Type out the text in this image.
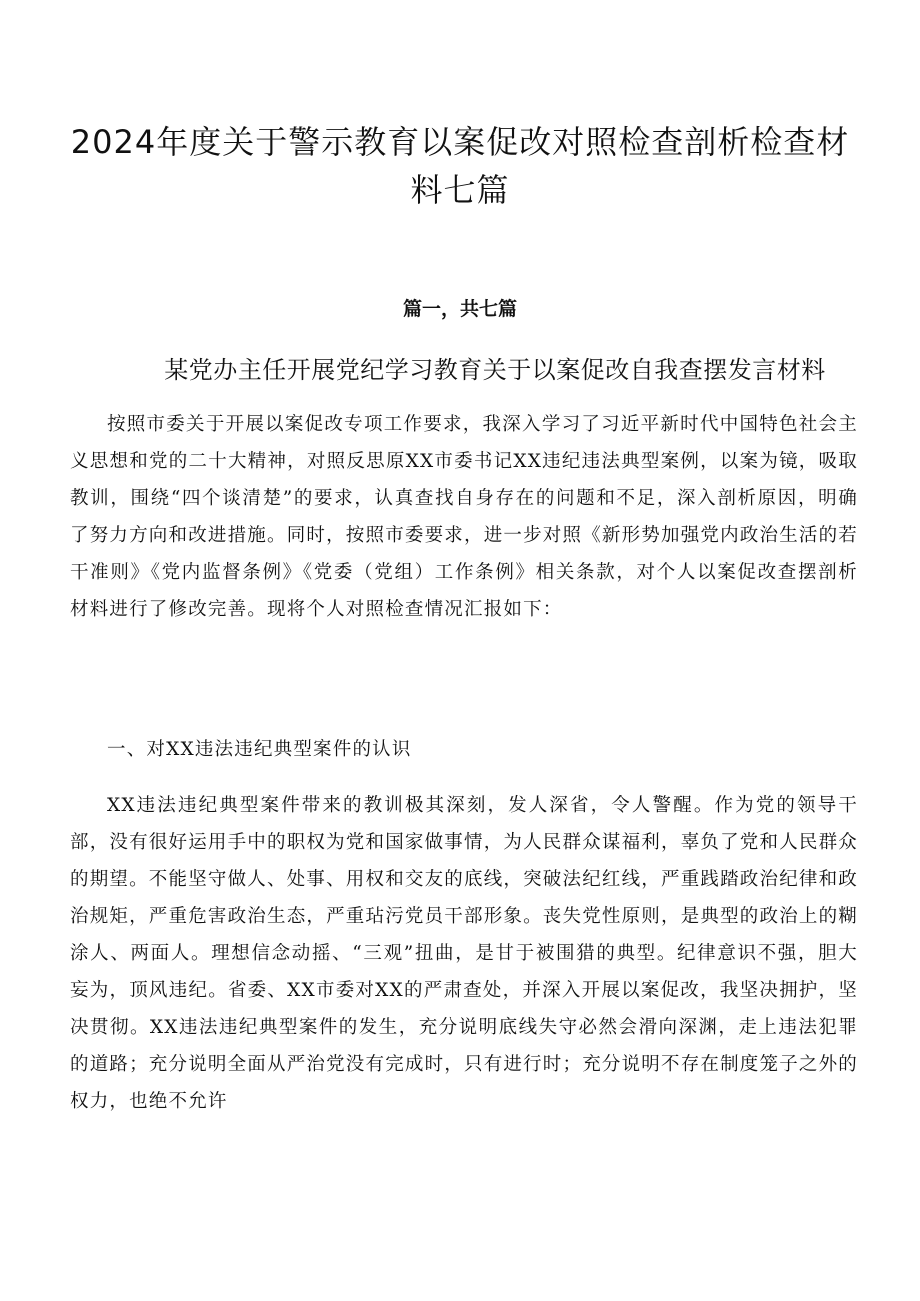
2024年度关于警示教育以案促改对照检查剖析检查材料七篇
篇一，共七篇
某党办主任开展党纪学习教育关于以案促改自我查摆发言材料

按照市委关于开展以案促改专项工作要求，我深入学习了习近平新时代中国特色社会主义思想和党的二十大精神，对照反思原XX市委书记XX违纪违法典型案例，以案为镜，吸取教训，围绕“四个谈清楚”的要求，认真查找自身存在的问题和不足，深入剖析原因，明确了努力方向和改进措施。同时，按照市委要求，进一步对照《新形势加强党内政治生活的若干准则》《党内监督条例》《党委（党组）工作条例》相关条款，对个人以案促改查摆剖析材料进行了修改完善。现将个人对照检查情况汇报如下：

一、对XX违法违纪典型案件的认识

XX违法违纪典型案件带来的教训极其深刻，发人深省，令人警醒。作为党的领导干部，没有很好运用手中的职权为党和国家做事情，为人民群众谋福利，辜负了党和人民群众的期望。不能坚守做人、处事、用权和交友的底线，突破法纪红线，严重践踏政治纪律和政治规矩，严重危害政治生态，严重玷污党员干部形象。丧失党性原则，是典型的政治上的糊涂人、两面人。理想信念动摇、“三观”扭曲，是甘于被围猎的典型。纪律意识不强，胆大妄为，顶风违纪。省委、XX市委对XX的严肃查处，并深入开展以案促改，我坚决拥护，坚决贯彻。XX违法违纪典型案件的发生，充分说明底线失守必然会滑向深渊，走上违法犯罪的道路；充分说明全面从严治党没有完成时，只有进行时；充分说明不存在制度笼子之外的权力，也绝不允许
